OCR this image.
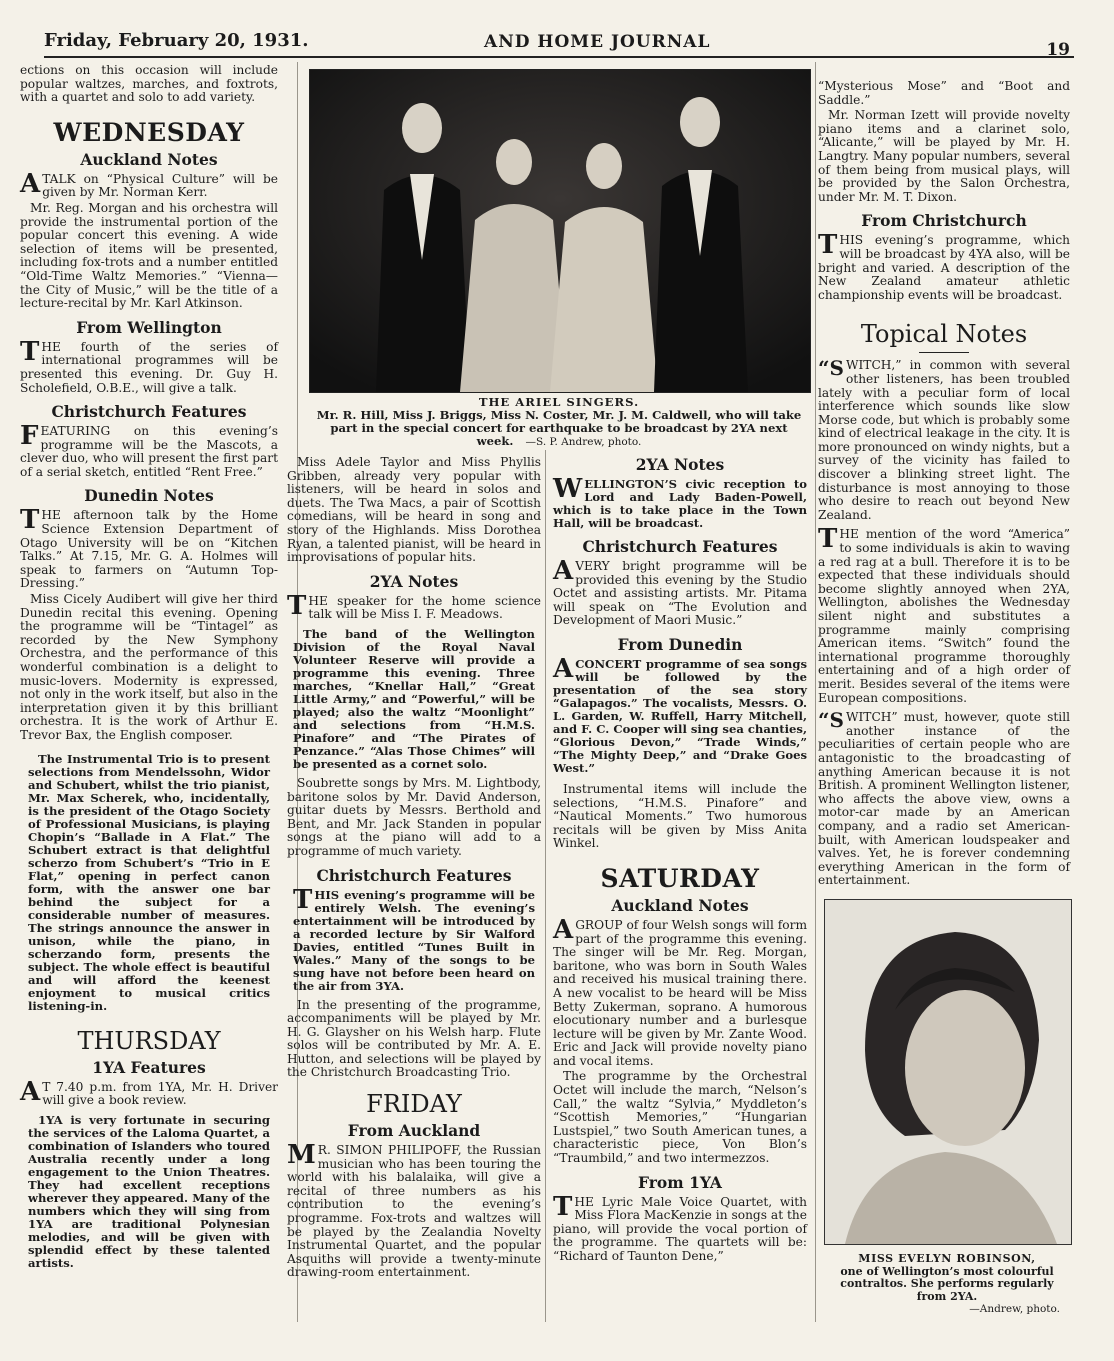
Friday, February 20, 1931.	AND HOME JOURNAL	19

ections on this occasion will include popular waltzes, marches, and foxtrots, with a quartet and solo to add variety.

WEDNESDAY
Auckland Notes

ATALK on “Physical Culture” will be given by Mr. Norman Kerr.

Mr. Reg. Morgan and his orchestra will provide the instrumental portion of the popular concert this evening. A wide selection of items will be presented, including fox-trots and a number entitled “Old-Time Waltz Memories.” “Vienna—the City of Music,” will be the title of a lecture-recital by Mr. Karl Atkinson.

From Wellington

THE fourth of the series of international programmes will be presented this evening. Dr. Guy H. Scholefield, O.B.E., will give a talk.

Christchurch Features

FEATURING on this evening’s programme will be the Mascots, a clever duo, who will present the first part of a serial sketch, entitled “Rent Free.”

Dunedin Notes

THE afternoon talk by the Home Science Extension Department of Otago University will be on “Kitchen Talks.” At 7.15, Mr. G. A. Holmes will speak to farmers on “Autumn Top-Dressing.”

Miss Cicely Audibert will give her third Dunedin recital this evening. Opening the programme will be “Tintagel” as recorded by the New Symphony Orchestra, and the performance of this wonderful combination is a delight to music-lovers. Modernity is expressed, not only in the work itself, but also in the interpretation given it by this brilliant orchestra. It is the work of Arthur E. Trevor Bax, the English composer.

The Instrumental Trio is to present selections from Mendelssohn, Widor and Schubert, whilst the trio pianist, Mr. Max Scherek, who, incidentally, is the president of the Otago Society of Professional Musicians, is playing Chopin’s “Ballade in A Flat.” The Schubert extract is that delightful scherzo from Schubert’s “Trio in E Flat,” opening in perfect canon form, with the answer one bar behind the subject for a considerable number of measures. The strings announce the answer in unison, while the piano, in scherzando form, presents the subject. The whole effect is beautiful and will afford the keenest enjoyment to musical critics listening-in.

THURSDAY
1YA Features

A T 7.40 p.m. from 1YA, Mr. H. Driver will give a book review.

1YA is very fortunate in securing the services of the Laloma Quartet, a combination of Islanders who toured Australia recently under a long engagement to the Union Theatres. They had excellent receptions wherever they appeared. Many of the numbers which they will sing from 1YA are traditional Polynesian melodies, and will be given with splendid effect by these talented artists.

THE ARIEL SINGERS.
Mr. R. Hill, Miss J. Briggs, Miss N. Coster, Mr. J. M. Caldwell, who will take part in the special concert for earthquake to be broadcast by 2YA next week. —S. P. Andrew, photo.

Miss Adele Taylor and Miss Phyllis Gribben, already very popular with listeners, will be heard in solos and duets. The Twa Macs, a pair of Scottish comedians, will be heard in song and story of the Highlands. Miss Dorothea Ryan, a talented pianist, will be heard in improvisations of popular hits.

2YA Notes

THE speaker for the home science talk will be Miss I. F. Meadows.

The band of the Wellington Division of the Royal Naval Volunteer Reserve will provide a programme this evening. Three marches, “Knellar Hall,” “Great Little Army,” and “Powerful,” will be played; also the waltz “Moonlight” and selections from “H.M.S. Pinafore” and “The Pirates of Penzance.” “Alas Those Chimes” will be presented as a cornet solo.

Soubrette songs by Mrs. M. Lightbody, baritone solos by Mr. David Anderson, guitar duets by Messrs. Berthold and Bent, and Mr. Jack Standen in popular songs at the piano will add to a programme of much variety.

Christchurch Features

THIS evening’s programme will be entirely Welsh. The evening’s entertainment will be introduced by a recorded lecture by Sir Walford Davies, entitled “Tunes Built in Wales.” Many of the songs to be sung have not before been heard on the air from 3YA.

In the presenting of the programme, accompaniments will be played by Mr. H. G. Glaysher on his Welsh harp. Flute solos will be contributed by Mr. A. E. Hutton, and selections will be played by the Christchurch Broadcasting Trio.

FRIDAY
From Auckland

M R. SIMON PHILIPOFF, the Russian musician who has been touring the world with his balalaika, will give a recital of three numbers as his contribution to the evening’s programme. Fox-trots and waltzes will be played by the Zealandia Novelty Instrumental Quartet, and the popular Asquiths will provide a twenty-minute drawing-room entertainment.

2YA Notes

WELLINGTON’S civic reception to Lord and Lady Baden-Powell, which is to take place in the Town Hall, will be broadcast.

Christchurch Features

AVERY bright programme will be provided this evening by the Studio Octet and assisting artists. Mr. Pitama will speak on “The Evolution and Development of Maori Music.”

From Dunedin

ACONCERT programme of sea songs will be followed by the presentation of the sea story “Galapagos.” The vocalists, Messrs. O. L. Garden, W. Ruffell, Harry Mitchell, and F. C. Cooper will sing sea chanties, “Glorious Devon,” “Trade Winds,” “The Mighty Deep,” and “Drake Goes West.”

Instrumental items will include the selections, “H.M.S. Pinafore” and “Nautical Moments.” Two humorous recitals will be given by Miss Anita Winkel.

SATURDAY
Auckland Notes

AGROUP of four Welsh songs will form part of the programme this evening. The singer will be Mr. Reg. Morgan, baritone, who was born in South Wales and received his musical training there. A new vocalist to be heard will be Miss Betty Zukerman, soprano. A humorous elocutionary number and a burlesque lecture will be given by Mr. Zante Wood. Eric and Jack will provide novelty piano and vocal items.

The programme by the Orchestral Octet will include the march, “Nelson’s Call,” the waltz “Sylvia,” Myddleton’s “Scottish Memories,” “Hungarian Lustspiel,” two South American tunes, a characteristic piece, Von Blon’s “Traumbild,” and two intermezzos.

From 1YA

THE Lyric Male Voice Quartet, with Miss Flora MacKenzie in songs at the piano, will provide the vocal portion of the programme. The quartets will be: “Richard of Taunton Dene,”

“Mysterious Mose” and “Boot and Saddle.”

Mr. Norman Izett will provide novelty piano items and a clarinet solo, “Alicante,” will be played by Mr. H. Langtry. Many popular numbers, several of them being from musical plays, will be provided by the Salon Orchestra, under Mr. M. T. Dixon.

From Christchurch

THIS evening’s programme, which will be broadcast by 4YA also, will be bright and varied. A description of the New Zealand amateur athletic championship events will be broadcast.

Topical Notes

“S WITCH,” in common with several other listeners, has been troubled lately with a peculiar form of local interference which sounds like slow Morse code, but which is probably some kind of electrical leakage in the city. It is more pronounced on windy nights, but a survey of the vicinity has failed to discover a blinking street light. The disturbance is most annoying to those who desire to reach out beyond New Zealand.

THE mention of the word “America” to some individuals is akin to waving a red rag at a bull. Therefore it is to be expected that these individuals should become slightly annoyed when 2YA, Wellington, abolishes the Wednesday silent night and substitutes a programme mainly comprising American items. “Switch” found the international programme thoroughly entertaining and of a high order of merit. Besides several of the items were European compositions.

“S WITCH” must, however, quote still another instance of the peculiarities of certain people who are antagonistic to the broadcasting of anything American because it is not British. A prominent Wellington listener, who affects the above view, owns a motor-car made by an American company, and a radio set American-built, with American loudspeaker and valves. Yet, he is forever condemning everything American in the form of entertainment.

MISS EVELYN ROBINSON,
one of Wellington’s most colourful contraltos. She performs regularly from 2YA.
—Andrew, photo.
